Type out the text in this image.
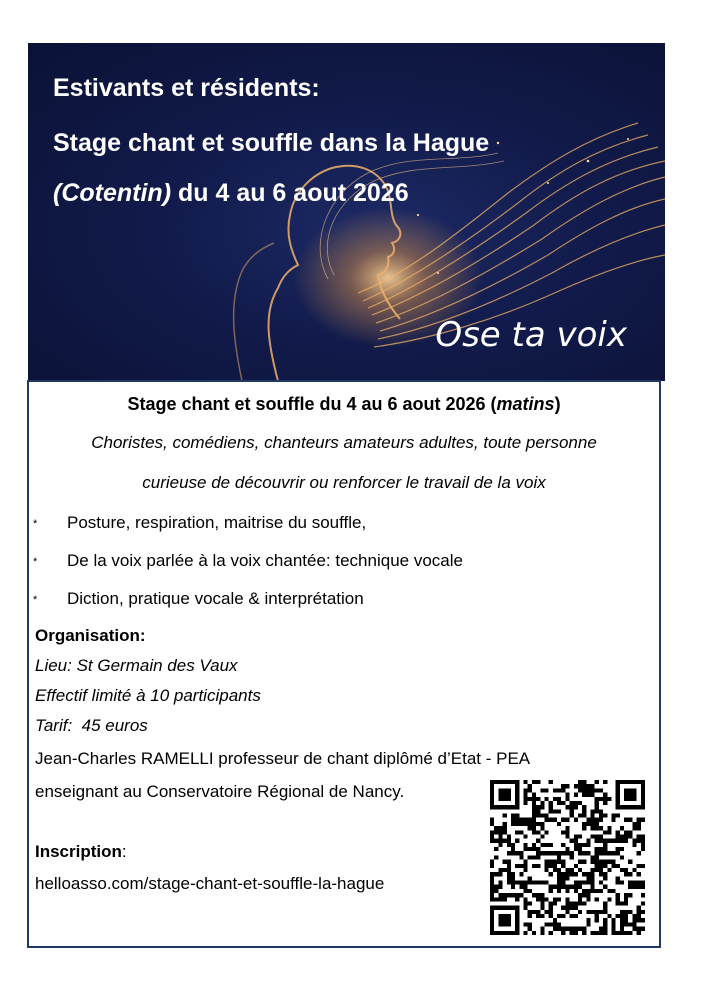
Estivants et résidents:
Stage chant et souffle dans la Hague
(Cotentin) du 4 au 6 aout 2026
Ose ta voix
Stage chant et souffle du 4 au 6 aout 2026 (matins)
Choristes, comédiens, chanteurs amateurs adultes, toute personne
curieuse de découvrir ou renforcer le travail de la voix
* Posture, respiration, maitrise du souffle,
* De la voix parlée à la voix chantée: technique vocale
* Diction, pratique vocale & interprétation
Organisation:
Lieu: St Germain des Vaux
Effectif limité à 10 participants
Tarif:  45 euros
Jean-Charles RAMELLI professeur de chant diplômé d’Etat - PEA
enseignant au Conservatoire Régional de Nancy.
Inscription:
helloasso.com/stage-chant-et-souffle-la-hague
